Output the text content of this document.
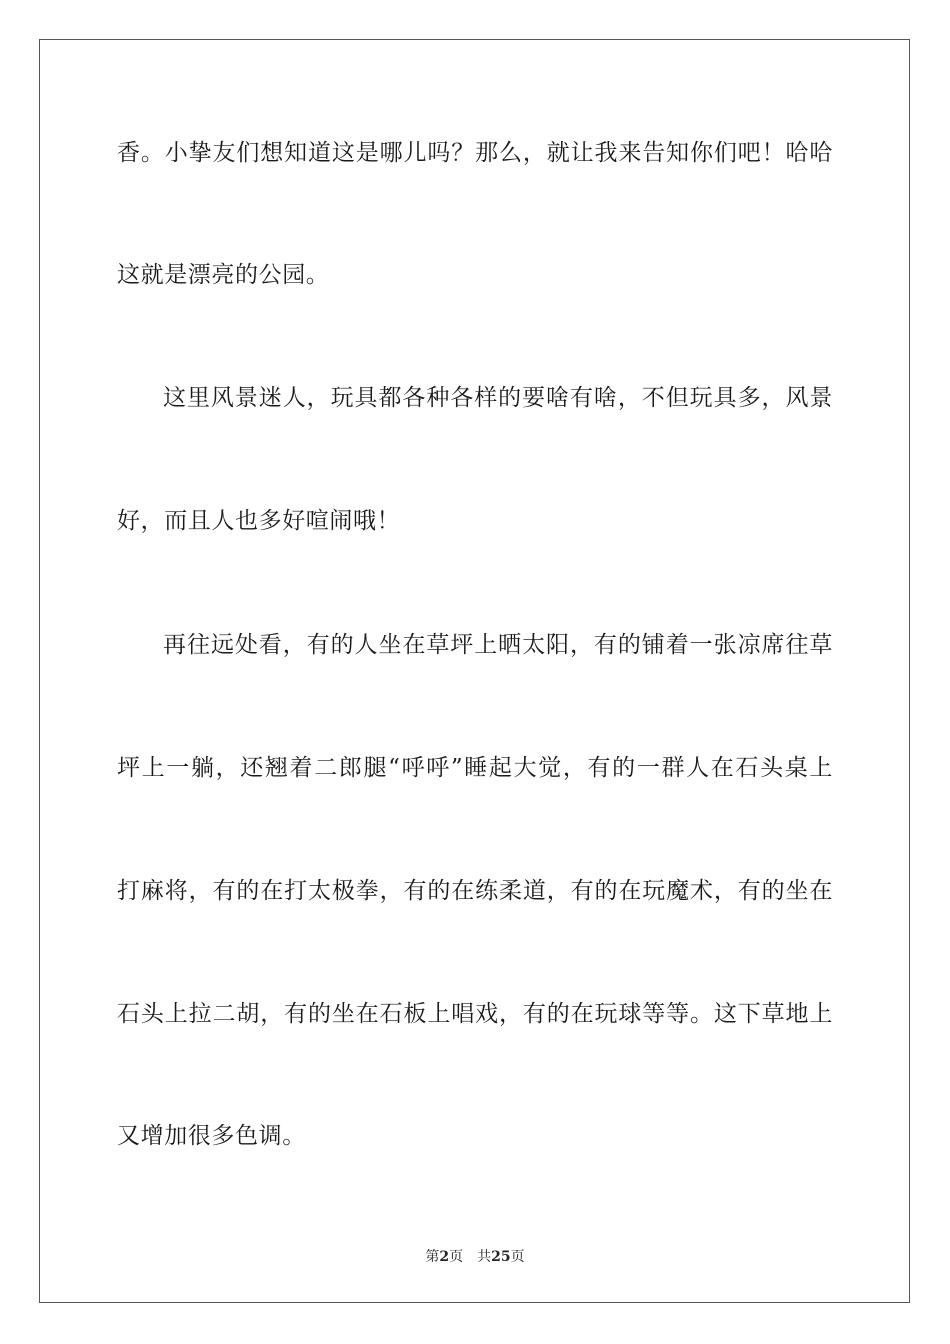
香。小挚友们想知道这是哪儿吗？那么，就让我来告知你们吧！哈哈
这就是漂亮的公园。
这里风景迷人，玩具都各种各样的要啥有啥，不但玩具多，风景
好，而且人也多好喧闹哦！
再往远处看，有的人坐在草坪上晒太阳，有的铺着一张凉席往草
坪上一躺，还翘着二郎腿“呼呼”睡起大觉，有的一群人在石头桌上
打麻将，有的在打太极拳，有的在练柔道，有的在玩魔术，有的坐在
石头上拉二胡，有的坐在石板上唱戏，有的在玩球等等。这下草地上
又增加很多色调。
第2页 共25页
